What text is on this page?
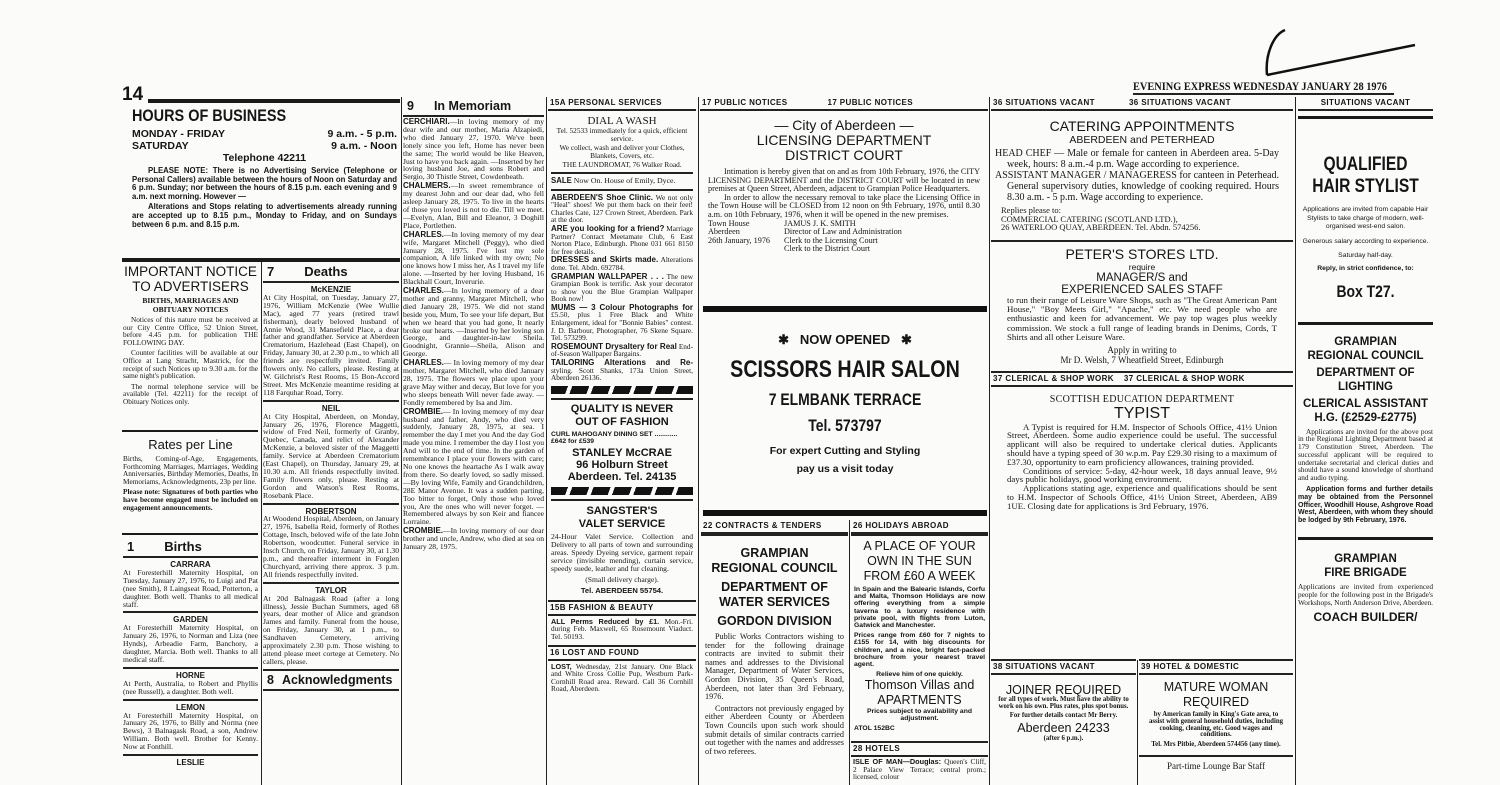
14	EVENING EXPRESS WEDNESDAY JANUARY 28 1976
HOURS OF BUSINESS
MONDAY - FRIDAY	9 a.m. - 5 p.m.
SATURDAY	9 a.m. - Noon
Telephone 42211
PLEASE NOTE: There is no Advertising Service (Telephone or Personal Callers) available between the hours of Noon on Saturday and 6 p.m. Sunday; nor between the hours of 8.15 p.m. each evening and 9 a.m. next morning. However —
Alterations and Stops relating to advertisements already running are accepted up to 8.15 p.m., Monday to Friday, and on Sundays between 6 p.m. and 8.15 p.m.
IMPORTANT NOTICE
TO ADVERTISERS
BIRTHS, MARRIAGES AND OBITUARY NOTICES
Notices of this nature must be received at our City Centre Office, 52 Union Street, before 4.45 p.m. for publication THE FOLLOWING DAY.
Counter facilities will be available at our Office at Lang Stracht, Mastrick, for the receipt of such Notices up to 9.30 a.m. for the same night's publication.
The normal telephone service will be available (Tel. 42211) for the receipt of Obituary Notices only.
Rates per Line
Births, Coming-of-Age, Engagements, Forthcoming Marriages, Marriages, Wedding Anniversaries, Birthday Memories, Deaths, In Memoriams, Acknowledgments, 23p per line.
Please note: Signatures of both parties who have become engaged must be included on engagement announcements.
1 Births
CARRARA
At Foresterhill Maternity Hospital, on Tuesday, January 27, 1976, to Luigi and Pat (nee Smith), 8 Laingseat Road, Potterton, a daughter. Both well. Thanks to all medical staff.
GARDEN
At Foresterhill Maternity Hospital, on January 26, 1976, to Norman and Liza (nee Hynds), Arbeadie Farm, Banchory, a daughter, Marcia. Both well. Thanks to all medical staff.
HORNE
At Perth, Australia, to Robert and Phyllis (nee Russell), a daughter. Both well.
LEMON
At Foresterhill Maternity Hospital, on January 26, 1976, to Billy and Norma (nee Bews), 3 Balnagask Road, a son, Andrew William. Both well. Brother for Kenny. Now at Fonthill.
LESLIE
7 Deaths
McKENZIE
At City Hospital, on Tuesday, January 27, 1976, William McKenzie (Wee Wullie Mac), aged 77 years (retired trawl fisherman), dearly beloved husband of Annie Wood, 31 Mansefield Place, a dear father and grandfather. Service at Aberdeen Crematorium, Hazlehead (East Chapel), on Friday, January 30, at 2.30 p.m., to which all friends are respectfully invited. Family flowers only. No callers, please. Resting at W. Gilchrist's Rest Rooms, 15 Bon-Accord Street. Mrs McKenzie meantime residing at 118 Farquhar Road, Torry.
NEIL
At City Hospital, Aberdeen, on Monday, January 26, 1976, Florence Maggetti, widow of Fred Neil, formerly of Granby, Quebec, Canada, and relict of Alexander McKenzie, a beloved sister of the Maggetti family. Service at Aberdeen Crematorium (East Chapel), on Thursday, January 29, at 10.30 a.m. All friends respectfully invited. Family flowers only, please. Resting at Gordon and Watson's Rest Rooms, Rosebank Place.
ROBERTSON
At Woodend Hospital, Aberdeen, on January 27, 1976, Isabella Reid, formerly of Rothes Cottage, Insch, beloved wife of the late John Robertson, woodcutter. Funeral service in Insch Church, on Friday, January 30, at 1.30 p.m., and thereafter interment in Forglen Churchyard, arriving there approx. 3 p.m. All friends respectfully invited.
TAYLOR
At 20d Balnagask Road (after a long illness), Jessie Buchan Summers, aged 68 years, dear mother of Alice and grandson James and family. Funeral from the house, on Friday, January 30, at 1 p.m., to Sandhaven Cemetery, arriving approximately 2.30 p.m. Those wishing to attend please meet cortege at Cemetery. No callers, please.
8 Acknowledgments
9 In Memoriam
CERCHIARI.—In loving memory of my dear wife and our mother, Maria Alzapiedi, who died January 27, 1970. We've been lonely since you left, Home has never been the same; The world would be like Heaven, Just to have you back again. —Inserted by her loving husband Joe, and sons Robert and Sergio, 30 Thistle Street, Cowdenbeath.
CHALMERS.—In sweet remembrance of my dearest John and our dear dad, who fell asleep January 28, 1975. To live in the hearts of those you loved is not to die. Till we meet. —Evelyn, Alan, Bill and Eleanor, 3 Doghill Place, Portlethen.
CHARLES.—In loving memory of my dear wife, Margaret Mitchell (Peggy), who died January 28, 1975. I've lost my sole companion, A life linked with my own; No one knows how I miss her, As I travel my life alone. —Inserted by her loving Husband, 16 Blackhall Court, Inverurie.
CHARLES.—In loving memory of a dear mother and granny, Margaret Mitchell, who died January 28, 1975. We did not stand beside you, Mum, To see your life depart, But when we heard that you had gone, It nearly broke our hearts. —Inserted by her loving son George, and daughter-in-law Sheila. Goodnight, Grannie—Sheila, Alison and George.
CHARLES.— In loving memory of my dear mother, Margaret Mitchell, who died January 28, 1975. The flowers we place upon your grave May wither and decay, But love for you who sleeps beneath Will never fade away. —Fondly remembered by Isa and Jim.
CROMBIE.— In loving memory of my dear husband and father, Andy, who died very suddenly, January 28, 1975, at sea. I remember the day I met you And the day God made you mine. I remember the day I lost you And will to the end of time. In the garden of remembrance I place your flowers with care; No one knows the heartache As I walk away from there. So dearly loved, so sadly missed. —By loving Wife, Family and Grandchildren, 28E Manor Avenue. It was a sudden parting, Too bitter to forget, Only those who loved you, Are the ones who will never forget. —Remembered always by son Keir and fiancee Lorraine.
CROMBIE.—In loving memory of our dear brother and uncle, Andrew, who died at sea on January 28, 1975.
15A PERSONAL SERVICES
DIAL A WASH
Tel. 52533 immediately for a quick, efficient service.
We collect, wash and deliver your Clothes, Blankets, Covers, etc.
THE LAUNDROMAT, 76 Walker Road.
SALE Now On. House of Emily, Dyce.
ABERDEEN'S Shoe Clinic. We not only "Heal" shoes! We put them back on their feet! Charles Cate, 127 Crown Street, Aberdeen. Park at the door.
ARE you looking for a friend? Marriage Partner? Contact Meetamate Club, 6 East Norton Place, Edinburgh. Phone 031 661 8150 for free details.
DRESSES and Skirts made. Alterations done. Tel. Abdn. 692784.
GRAMPIAN WALLPAPER . . . The new Grampian Book is terrific. Ask your decorator to show you the Blue Grampian Wallpaper Book now!
MUMS — 3 Colour Photographs for £5.50, plus 1 Free Black and White Enlargement, ideal for "Bonnie Babies" contest. J. D. Barbour, Photographer, 76 Skene Square. Tel. 573299.
ROSEMOUNT Drysaltery for Real End-of-Season Wallpaper Bargains.
TAILORING Alterations and Re- styling. Scott Shanks, 173a Union Street, Aberdeen 26136.
QUALITY IS NEVER
OUT OF FASHION
CURL MAHOGANY DINING SET ............ £642 for £539
STANLEY McCRAE
96 Holburn Street
Aberdeen. Tel. 24135
SANGSTER'S
VALET SERVICE
24-Hour Valet Service. Collection and Delivery to all parts of town and surrounding areas. Speedy Dyeing service, garment repair service (invisible mending), curtain service, speedy suede, leather and fur cleaning.
(Small delivery charge).
Tel. ABERDEEN 55754.
15B FASHION & BEAUTY
ALL Perms Reduced by £1. Mon.-Fri. during Feb. Maxwell, 65 Rosemount Viaduct. Tel. 50193.
16 LOST AND FOUND
LOST, Wednesday, 21st January. One Black and White Cross Collie Pup, Westburn Park-Cornhill Road area. Reward. Call 36 Cornhill Road, Aberdeen.
17 PUBLIC NOTICES	17 PUBLIC NOTICES
— City of Aberdeen —
LICENSING DEPARTMENT
DISTRICT COURT
Intimation is hereby given that on and as from 10th February, 1976, the CITY LICENSING DEPARTMENT and the DISTRICT COURT will be located in new premises at Queen Street, Aberdeen, adjacent to Grampian Police Headquarters.
In order to allow the necessary removal to take place the Licensing Office in the Town House will be CLOSED from 12 noon on 9th February, 1976, until 8.30 a.m. on 10th February, 1976, when it will be opened in the new premises.
Town House
Aberdeen
26th January, 1976
JAMUS J. K. SMITH
Director of Law and Administration
Clerk to the Licensing Court
Clerk to the District Court
✱ NOW OPENED ✱
SCISSORS HAIR SALON
7 ELMBANK TERRACE
Tel. 573797
For expert Cutting and Styling
pay us a visit today
22 CONTRACTS & TENDERS
GRAMPIAN
REGIONAL COUNCIL
DEPARTMENT OF
WATER SERVICES
GORDON DIVISION
Public Works Contractors wishing to tender for the following drainage contracts are invited to submit their names and addresses to the Divisional Manager, Department of Water Services, Gordon Division, 35 Queen's Road, Aberdeen, not later than 3rd February, 1976.
Contractors not previously engaged by either Aberdeen County or Aberdeen Town Councils upon such work should submit details of similar contracts carried out together with the names and addresses of two referees.
26 HOLIDAYS ABROAD
A PLACE OF YOUR OWN IN THE SUN
FROM £60 A WEEK
In Spain and the Balearic Islands, Corfu and Malta, Thomson Holidays are now offering everything from a simple taverna to a luxury residence with private pool, with flights from Luton, Gatwick and Manchester.
Prices range from £60 for 7 nights to £155 for 14, with big discounts for children, and a nice, bright fact-packed brochure from your nearest travel agent.
Relieve him of one quickly.
Thomson Villas and
APARTMENTS
Prices subject to availability and adjustment.
ATOL 152BC
28 HOTELS
ISLE OF MAN—Douglas: Queen's Cliff, 2 Palace View Terrace; central prom.; licensed, colour
36 SITUATIONS VACANT	36 SITUATIONS VACANT
CATERING APPOINTMENTS
ABERDEEN and PETERHEAD
HEAD CHEF — Male or female for canteen in Aberdeen area. 5-Day week, hours: 8 a.m.-4 p.m. Wage according to experience.
ASSISTANT MANAGER / MANAGERESS for canteen in Peterhead. General supervisory duties, knowledge of cooking required. Hours 8.30 a.m. - 5 p.m. Wage according to experience.
Replies please to:
COMMERCIAL CATERING (SCOTLAND LTD.),
26 WATERLOO QUAY, ABERDEEN. Tel. Abdn. 574256.
PETER'S STORES LTD.
require
MANAGER/S and
EXPERIENCED SALES STAFF
to run their range of Leisure Ware Shops, such as "The Great American Pant House," "Boy Meets Girl," "Apache," etc. We need people who are enthusiastic and keen for advancement. We pay top wages plus weekly commission. We stock a full range of leading brands in Denims, Cords, T Shirts and all other Leisure Ware.
Apply in writing to
Mr D. Welsh, 7 Wheatfield Street, Edinburgh
37 CLERICAL & SHOP WORK 37 CLERICAL & SHOP WORK
SCOTTISH EDUCATION DEPARTMENT
TYPIST
A Typist is required for H.M. Inspector of Schools Office, 41½ Union Street, Aberdeen. Some audio experience could be useful. The successful applicant will also be required to undertake clerical duties. Applicants should have a typing speed of 30 w.p.m. Pay £29.30 rising to a maximum of £37.30, opportunity to earn proficiency allowances, training provided.
Conditions of service: 5-day, 42-hour week, 18 days annual leave, 9½ days public holidays, good working environment.
Applications stating age, experience and qualifications should be sent to H.M. Inspector of Schools Office, 41½ Union Street, Aberdeen, AB9 1UE. Closing date for applications is 3rd February, 1976.
38 SITUATIONS VACANT
JOINER REQUIRED
for all types of work. Must have the ability to work on his own. Plus rates, plus spot bonus.
For further details contact Mr Berry.
Aberdeen 24233
(after 6 p.m.).
39 HOTEL & DOMESTIC
MATURE WOMAN
REQUIRED
by American family in King's Gate area, to assist with general household duties, including cooking, cleaning, etc. Good wages and conditions.
Tel. Mrs Pitbie, Aberdeen 574456 (any time).
Part-time Lounge Bar Staff
SITUATIONS VACANT
QUALIFIED
HAIR STYLIST
Applications are invited from capable Hair Stylists to take charge of modern, well-organised west-end salon.
Generous salary according to experience.
Saturday half-day.
Reply, in strict confidence, to:
Box T27.
GRAMPIAN
REGIONAL COUNCIL
DEPARTMENT OF
LIGHTING
CLERICAL ASSISTANT
H.G. (£2529-£2775)
Applications are invited for the above post in the Regional Lighting Department based at 179 Constitution Street, Aberdeen. The successful applicant will be required to undertake secretarial and clerical duties and should have a sound knowledge of shorthand and audio typing.
Application forms and further details may be obtained from the Personnel Officer, Woodhill House, Ashgrove Road West, Aberdeen, with whom they should be lodged by 9th February, 1976.
GRAMPIAN
FIRE BRIGADE
Applications are invited from experienced people for the following post in the Brigade's Workshops, North Anderson Drive, Aberdeen.
COACH BUILDER/
